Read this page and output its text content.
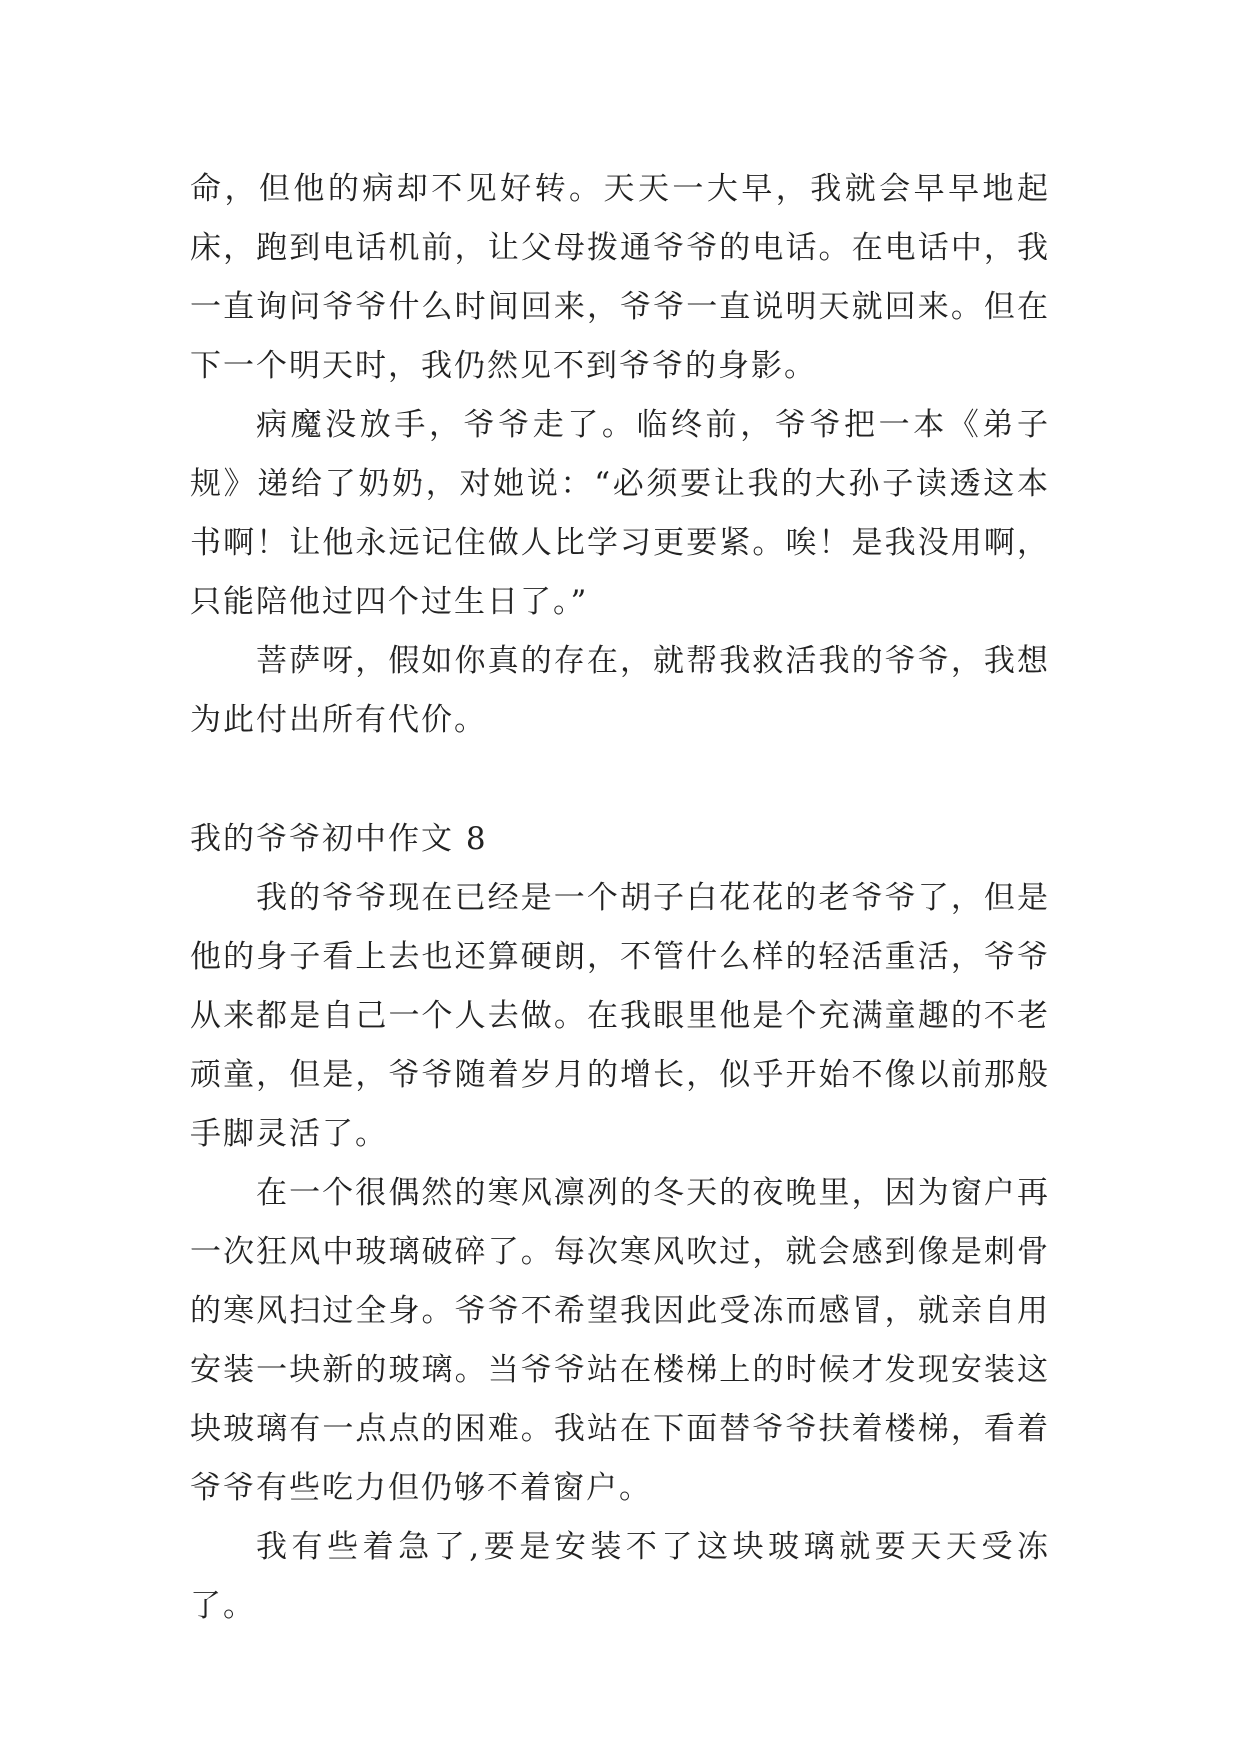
命，但他的病却不见好转。天天一大早，我就会早早地起床，跑到电话机前，让父母拨通爷爷的电话。在电话中，我一直询问爷爷什么时间回来，爷爷一直说明天就回来。但在下一个明天时，我仍然见不到爷爷的身影。

病魔没放手，爷爷走了。临终前，爷爷把一本《弟子规》递给了奶奶，对她说：“必须要让我的大孙子读透这本书啊！让他永远记住做人比学习更要紧。唉！是我没用啊，只能陪他过四个过生日了。”

菩萨呀，假如你真的存在，就帮我救活我的爷爷，我想为此付出所有代价。

我的爷爷初中作文 8

我的爷爷现在已经是一个胡子白花花的老爷爷了，但是他的身子看上去也还算硬朗，不管什么样的轻活重活，爷爷从来都是自己一个人去做。在我眼里他是个充满童趣的不老顽童，但是，爷爷随着岁月的增长，似乎开始不像以前那般手脚灵活了。

在一个很偶然的寒风凛冽的冬天的夜晚里，因为窗户再一次狂风中玻璃破碎了。每次寒风吹过，就会感到像是刺骨的寒风扫过全身。爷爷不希望我因此受冻而感冒，就亲自用安装一块新的玻璃。当爷爷站在楼梯上的时候才发现安装这块玻璃有一点点的困难。我站在下面替爷爷扶着楼梯，看着爷爷有些吃力但仍够不着窗户。

我有些着急了,要是安装不了这块玻璃就要天天受冻了。
